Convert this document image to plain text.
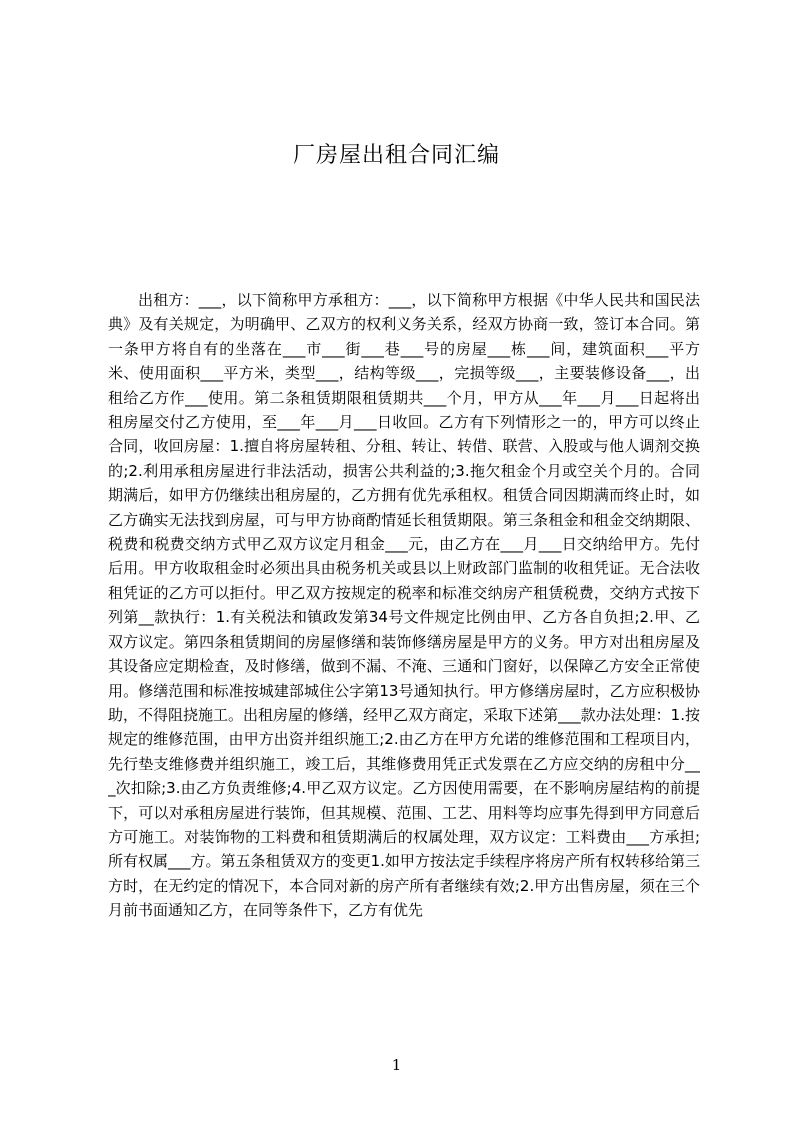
厂房屋出租合同汇编
出租方：___，以下简称甲方承租方：___，以下简称甲方根据《中华人民共和国民法典》及有关规定，为明确甲、乙双方的权利义务关系，经双方协商一致，签订本合同。第一条甲方将自有的坐落在___市___街___巷___号的房屋___栋___间，建筑面积___平方米、使用面积___平方米，类型___，结构等级___，完损等级___，主要装修设备___，出租给乙方作___使用。第二条租赁期限租赁期共___个月，甲方从___年___月___日起将出租房屋交付乙方使用，至___年___月___日收回。乙方有下列情形之一的，甲方可以终止合同，收回房屋：1.擅自将房屋转租、分租、转让、转借、联营、入股或与他人调剂交换的;2.利用承租房屋进行非法活动，损害公共利益的;3.拖欠租金个月或空关个月的。合同期满后，如甲方仍继续出租房屋的，乙方拥有优先承租权。租赁合同因期满而终止时，如乙方确实无法找到房屋，可与甲方协商酌情延长租赁期限。第三条租金和租金交纳期限、税费和税费交纳方式甲乙双方议定月租金___元，由乙方在___月___日交纳给甲方。先付后用。甲方收取租金时必须出具由税务机关或县以上财政部门监制的收租凭证。无合法收租凭证的乙方可以拒付。甲乙双方按规定的税率和标准交纳房产租赁税费，交纳方式按下列第__款执行：1.有关税法和镇政发第34号文件规定比例由甲、乙方各自负担;2.甲、乙双方议定。第四条租赁期间的房屋修缮和装饰修缮房屋是甲方的义务。甲方对出租房屋及其设备应定期检查，及时修缮，做到不漏、不淹、三通和门窗好，以保障乙方安全正常使用。修缮范围和标准按城建部城住公字第13号通知执行。甲方修缮房屋时，乙方应积极协助，不得阻挠施工。出租房屋的修缮，经甲乙双方商定，采取下述第___款办法处理：1.按规定的维修范围，由甲方出资并组织施工;2.由乙方在甲方允诺的维修范围和工程项目内，先行垫支维修费并组织施工，竣工后，其维修费用凭正式发票在乙方应交纳的房租中分___次扣除;3.由乙方负责维修;4.甲乙双方议定。乙方因使用需要，在不影响房屋结构的前提下，可以对承租房屋进行装饰，但其规模、范围、工艺、用料等均应事先得到甲方同意后方可施工。对装饰物的工料费和租赁期满后的权属处理，双方议定：工料费由___方承担;所有权属___方。第五条租赁双方的变更1.如甲方按法定手续程序将房产所有权转移给第三方时，在无约定的情况下，本合同对新的房产所有者继续有效;2.甲方出售房屋，须在三个月前书面通知乙方，在同等条件下，乙方有优先
1
